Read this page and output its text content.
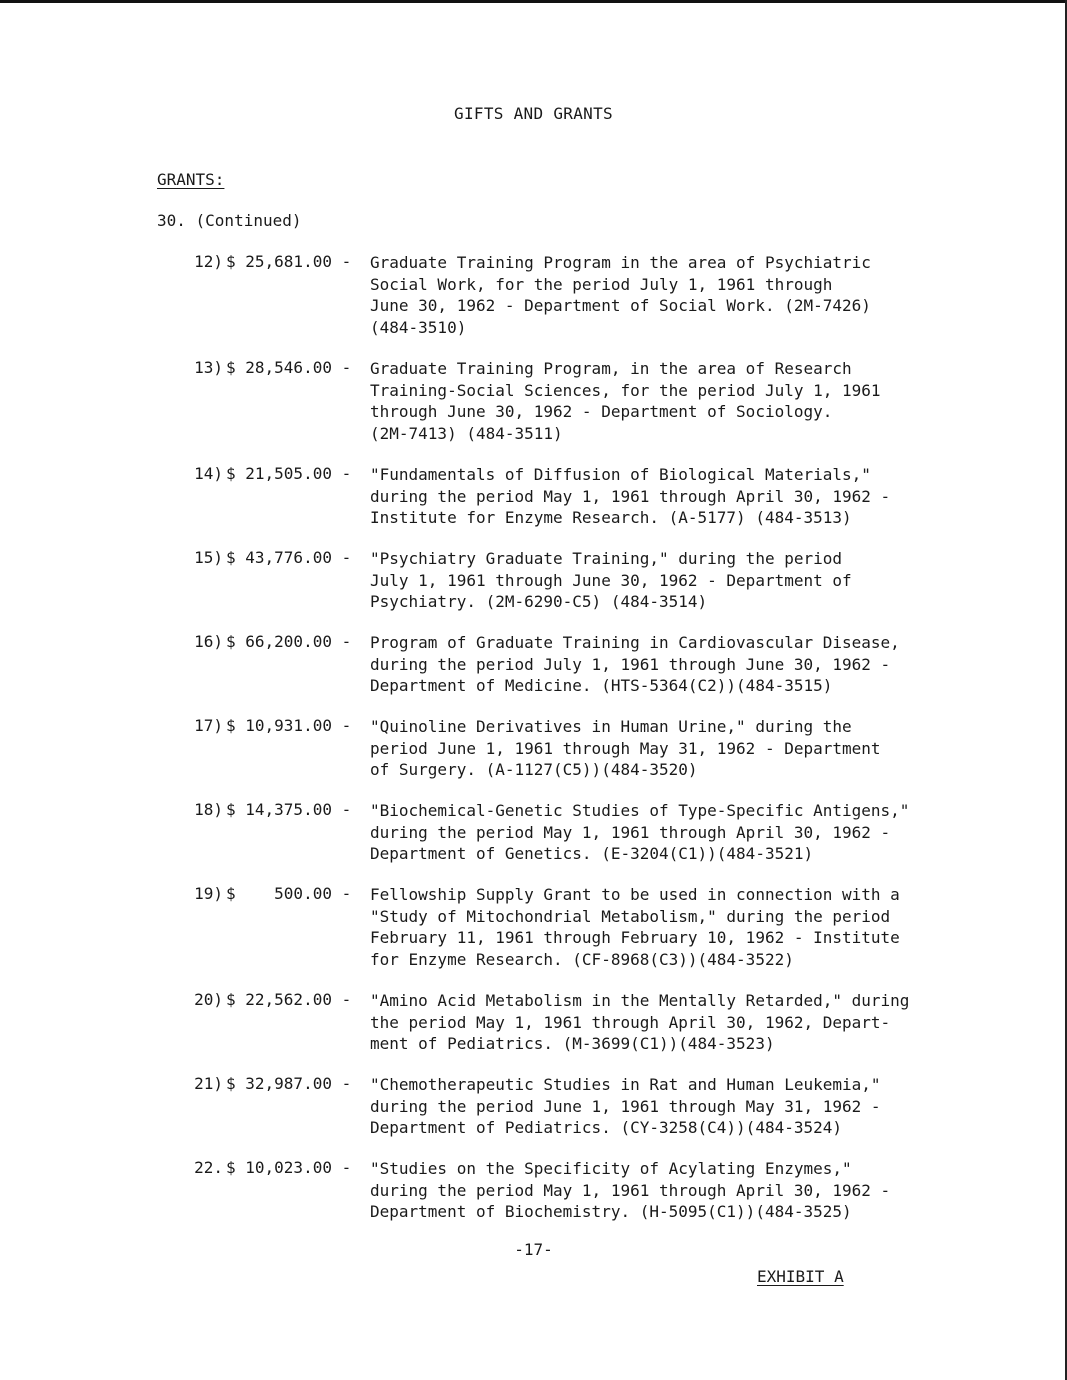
GIFTS AND GRANTS
GRANTS:
30. (Continued)
12) $ 25,681.00 - Graduate Training Program in the area of Psychiatric
Social Work, for the period July 1, 1961 through
June 30, 1962 - Department of Social Work. (2M-7426)
(484-3510)
13) $ 28,546.00 - Graduate Training Program, in the area of Research
Training-Social Sciences, for the period July 1, 1961
through June 30, 1962 - Department of Sociology.
(2M-7413) (484-3511)
14) $ 21,505.00 - "Fundamentals of Diffusion of Biological Materials,"
during the period May 1, 1961 through April 30, 1962 -
Institute for Enzyme Research. (A-5177) (484-3513)
15) $ 43,776.00 - "Psychiatry Graduate Training," during the period
July 1, 1961 through June 30, 1962 - Department of
Psychiatry. (2M-6290-C5) (484-3514)
16) $ 66,200.00 - Program of Graduate Training in Cardiovascular Disease,
during the period July 1, 1961 through June 30, 1962 -
Department of Medicine. (HTS-5364(C2))(484-3515)
17) $ 10,931.00 - "Quinoline Derivatives in Human Urine," during the
period June 1, 1961 through May 31, 1962 - Department
of Surgery. (A-1127(C5))(484-3520)
18) $ 14,375.00 - "Biochemical-Genetic Studies of Type-Specific Antigens,"
during the period May 1, 1961 through April 30, 1962 -
Department of Genetics. (E-3204(C1))(484-3521)
19) $    500.00 - Fellowship Supply Grant to be used in connection with a
"Study of Mitochondrial Metabolism," during the period
February 11, 1961 through February 10, 1962 - Institute
for Enzyme Research. (CF-8968(C3))(484-3522)
20) $ 22,562.00 - "Amino Acid Metabolism in the Mentally Retarded," during
the period May 1, 1961 through April 30, 1962, Depart-
ment of Pediatrics. (M-3699(C1))(484-3523)
21) $ 32,987.00 - "Chemotherapeutic Studies in Rat and Human Leukemia,"
during the period June 1, 1961 through May 31, 1962 -
Department of Pediatrics. (CY-3258(C4))(484-3524)
22. $ 10,023.00 - "Studies on the Specificity of Acylating Enzymes,"
during the period May 1, 1961 through April 30, 1962 -
Department of Biochemistry. (H-5095(C1))(484-3525)
-17-
EXHIBIT A
